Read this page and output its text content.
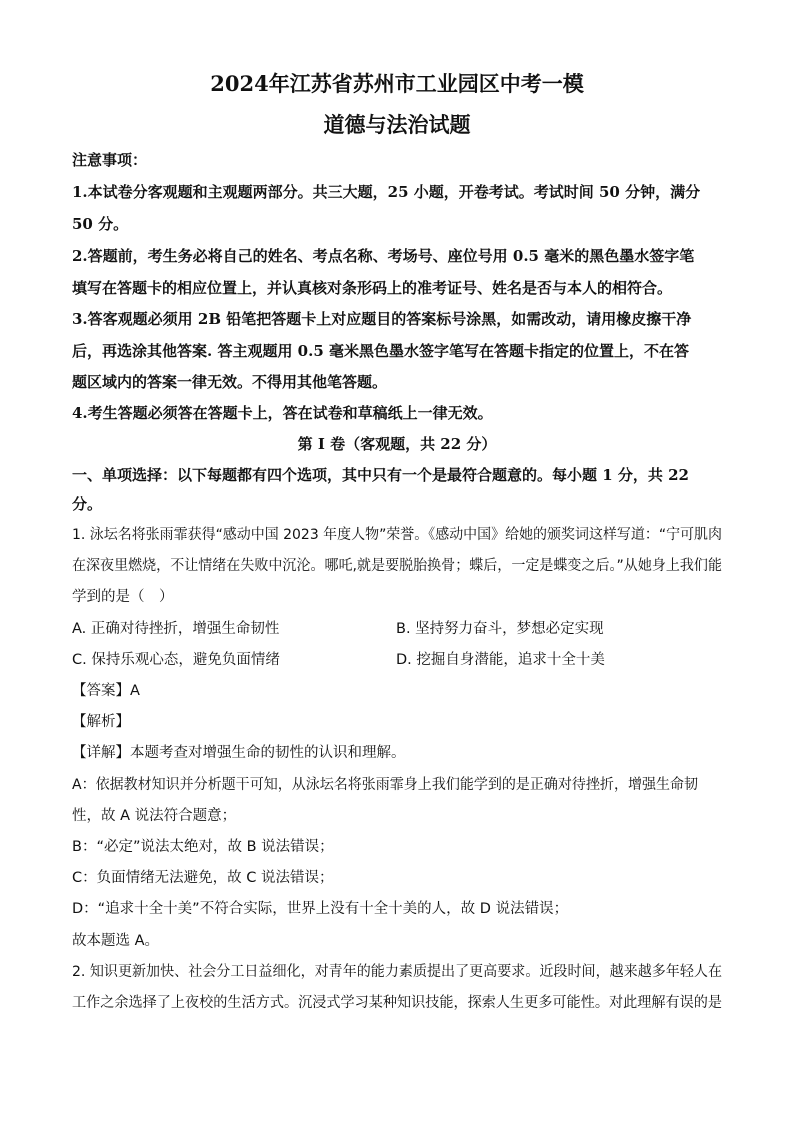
2024年江苏省苏州市工业园区中考一模
道德与法治试题
注意事项：
1.本试卷分客观题和主观题两部分。共三大题，25 小题，开卷考试。考试时间 50 分钟，满分
50 分。
2.答题前，考生务必将自己的姓名、考点名称、考场号、座位号用 0.5 毫米的黑色墨水签字笔
填写在答题卡的相应位置上，并认真核对条形码上的准考证号、姓名是否与本人的相符合。
3.答客观题必须用 2B 铅笔把答题卡上对应题目的答案标号涂黑，如需改动，请用橡皮擦干净
后，再选涂其他答案. 答主观题用 0.5 毫米黑色墨水签字笔写在答题卡指定的位置上，不在答
题区域内的答案一律无效。不得用其他笔答题。
4.考生答题必须答在答题卡上，答在试卷和草稿纸上一律无效。
第 I 卷（客观题，共 22 分）
一、单项选择：以下每题都有四个选项，其中只有一个是最符合题意的。每小题 1 分，共 22
分。
1. 泳坛名将张雨霏获得“感动中国 2023 年度人物”荣誉。《感动中国》给她的颁奖词这样写道：“宁可肌肉
在深夜里燃烧，不让情绪在失败中沉沦。哪吒,就是要脱胎换骨；蝶后，一定是蝶变之后。”从她身上我们能
学到的是（　）
A. 正确对待挫折，增强生命韧性	B. 坚持努力奋斗，梦想必定实现
C. 保持乐观心态，避免负面情绪	D. 挖掘自身潜能，追求十全十美
【答案】A
【解析】
【详解】本题考查对增强生命的韧性的认识和理解。
A：依据教材知识并分析题干可知，从泳坛名将张雨霏身上我们能学到的是正确对待挫折，增强生命韧
性，故 A 说法符合题意；
B：“必定”说法太绝对，故 B 说法错误；
C：负面情绪无法避免，故 C 说法错误；
D：“追求十全十美”不符合实际，世界上没有十全十美的人，故 D 说法错误；
故本题选 A。
2. 知识更新加快、社会分工日益细化，对青年的能力素质提出了更高要求。近段时间，越来越多年轻人在
工作之余选择了上夜校的生活方式。沉浸式学习某种知识技能，探索人生更多可能性。对此理解有误的是
